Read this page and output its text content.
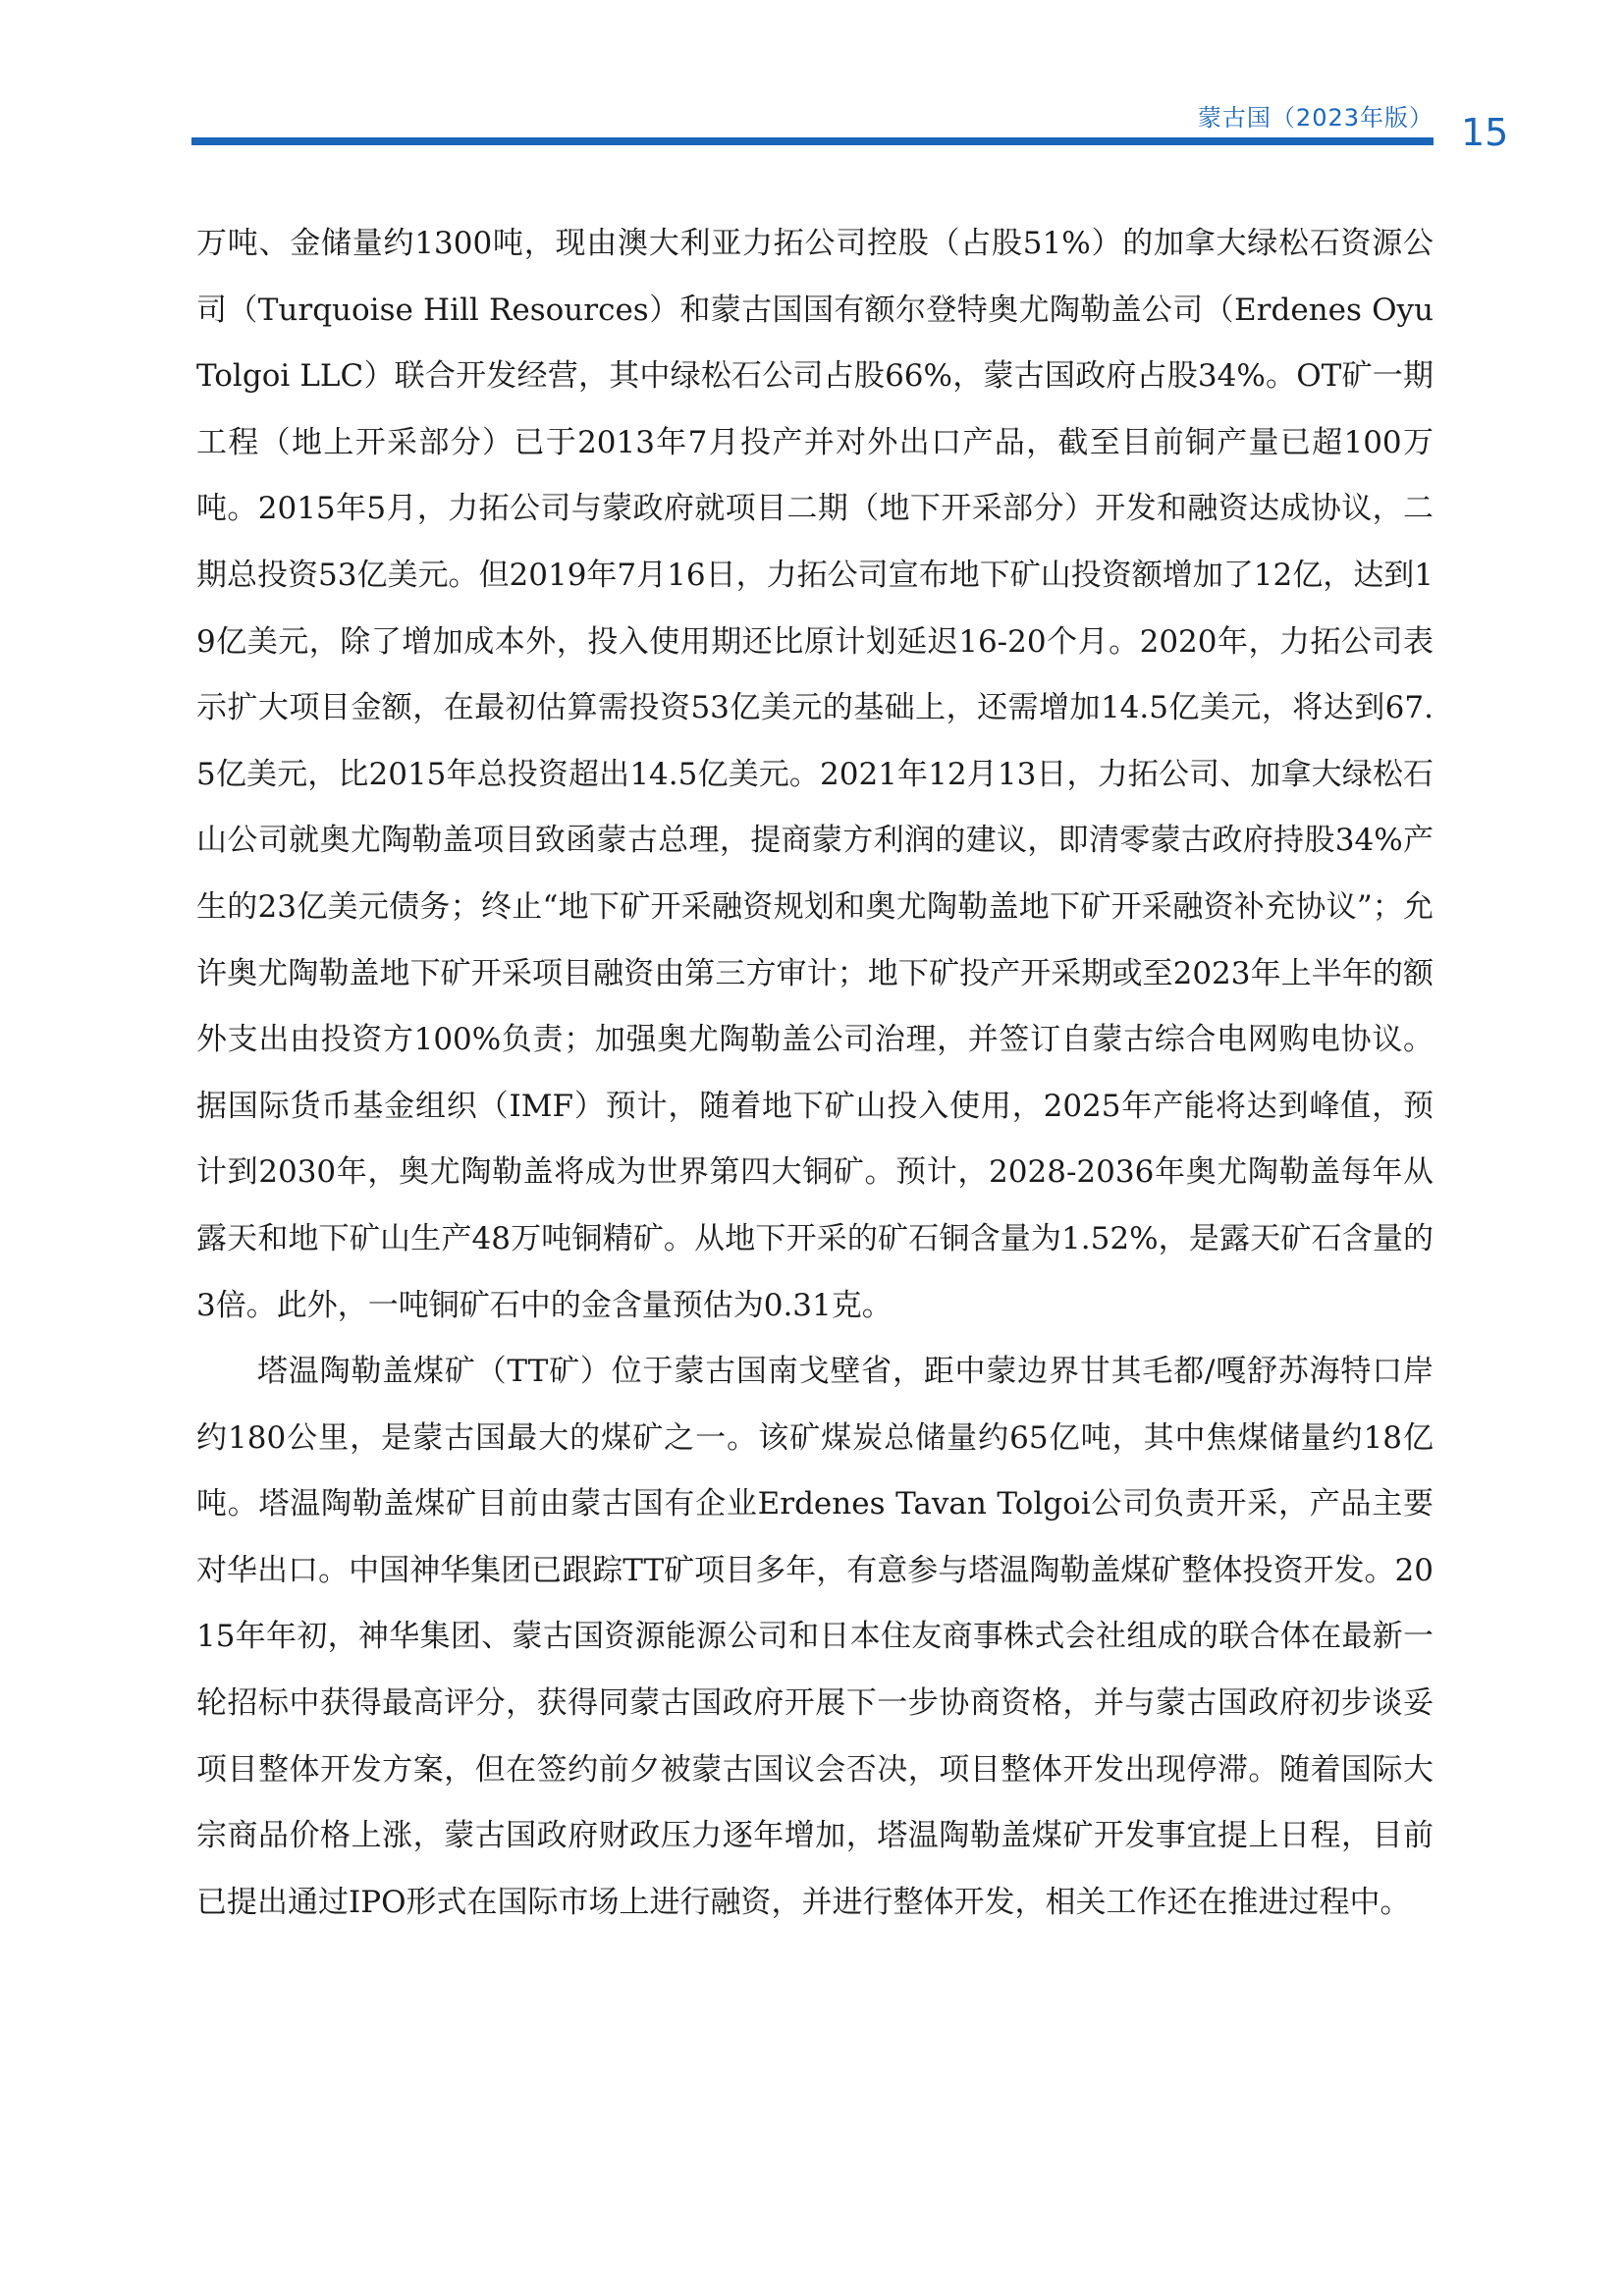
蒙古国（2023年版） 15

万吨、金储量约1300吨，现由澳大利亚力拓公司控股（占股51%）的加拿大绿松石资源公司（Turquoise Hill Resources）和蒙古国国有额尔登特奥尤陶勒盖公司（Erdenes Oyu Tolgoi LLC）联合开发经营，其中绿松石公司占股66%，蒙古国政府占股34%。OT矿一期工程（地上开采部分）已于2013年7月投产并对外出口产品，截至目前铜产量已超100万吨。2015年5月，力拓公司与蒙政府就项目二期（地下开采部分）开发和融资达成协议，二期总投资53亿美元。但2019年7月16日，力拓公司宣布地下矿山投资额增加了12亿，达到19亿美元，除了增加成本外，投入使用期还比原计划延迟16-20个月。2020年，力拓公司表示扩大项目金额，在最初估算需投资53亿美元的基础上，还需增加14.5亿美元，将达到67.5亿美元，比2015年总投资超出14.5亿美元。2021年12月13日，力拓公司、加拿大绿松石山公司就奥尤陶勒盖项目致函蒙古总理，提商蒙方利润的建议，即清零蒙古政府持股34%产生的23亿美元债务；终止“地下矿开采融资规划和奥尤陶勒盖地下矿开采融资补充协议”；允许奥尤陶勒盖地下矿开采项目融资由第三方审计；地下矿投产开采期或至2023年上半年的额外支出由投资方100%负责；加强奥尤陶勒盖公司治理，并签订自蒙古综合电网购电协议。据国际货币基金组织（IMF）预计，随着地下矿山投入使用，2025年产能将达到峰值，预计到2030年，奥尤陶勒盖将成为世界第四大铜矿。预计，2028-2036年奥尤陶勒盖每年从露天和地下矿山生产48万吨铜精矿。从地下开采的矿石铜含量为1.52%，是露天矿石含量的3倍。此外，一吨铜矿石中的金含量预估为0.31克。

塔温陶勒盖煤矿（TT矿）位于蒙古国南戈壁省，距中蒙边界甘其毛都/嘎舒苏海特口岸约180公里，是蒙古国最大的煤矿之一。该矿煤炭总储量约65亿吨，其中焦煤储量约18亿吨。塔温陶勒盖煤矿目前由蒙古国有企业Erdenes Tavan Tolgoi公司负责开采，产品主要对华出口。中国神华集团已跟踪TT矿项目多年，有意参与塔温陶勒盖煤矿整体投资开发。2015年年初，神华集团、蒙古国资源能源公司和日本住友商事株式会社组成的联合体在最新一轮招标中获得最高评分，获得同蒙古国政府开展下一步协商资格，并与蒙古国政府初步谈妥项目整体开发方案，但在签约前夕被蒙古国议会否决，项目整体开发出现停滞。随着国际大宗商品价格上涨，蒙古国政府财政压力逐年增加，塔温陶勒盖煤矿开发事宜提上日程，目前已提出通过IPO形式在国际市场上进行融资，并进行整体开发，相关工作还在推进过程中。
